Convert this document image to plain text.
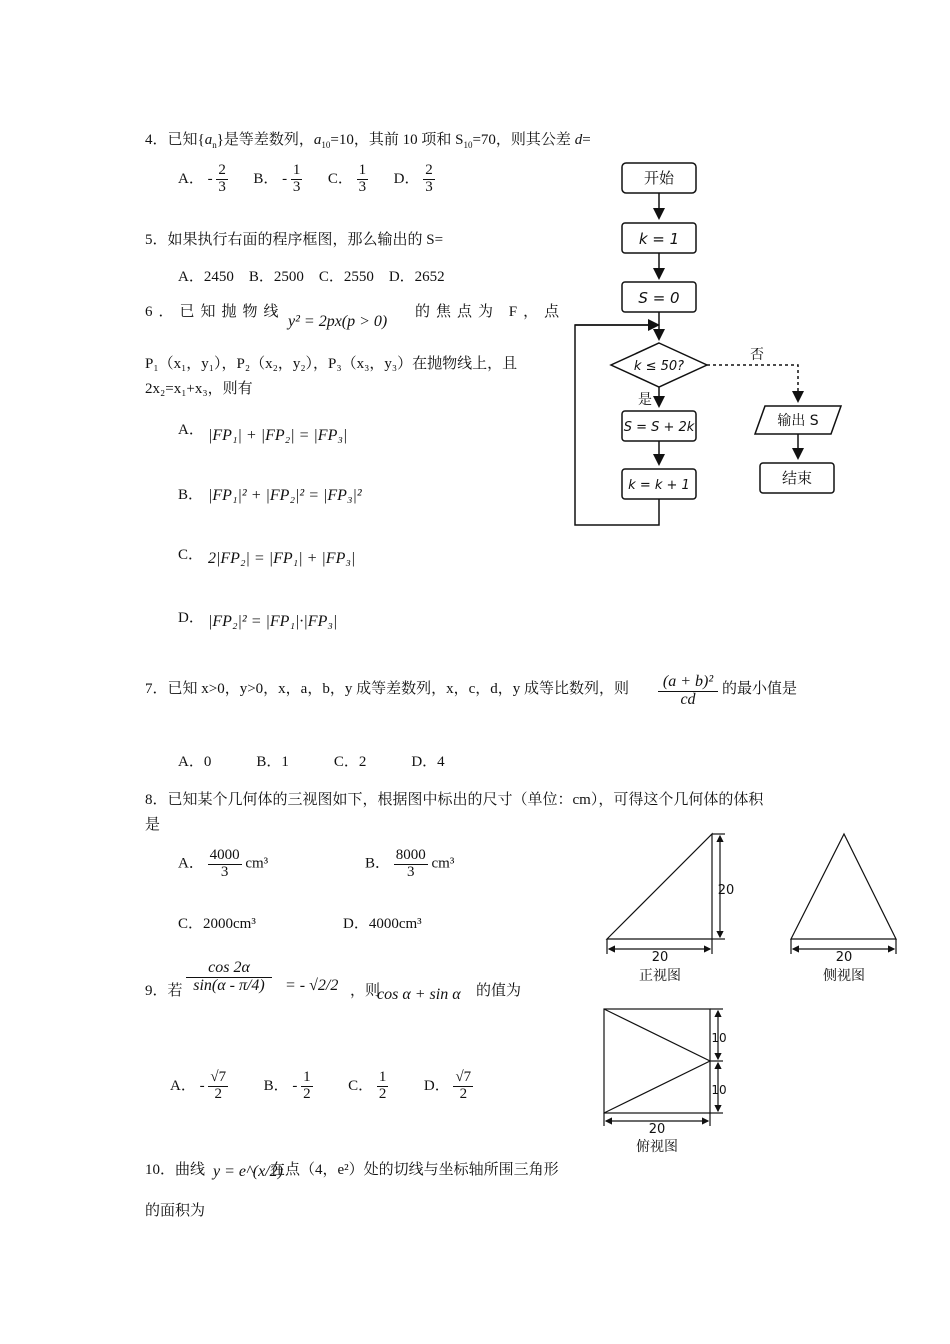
4．已知$\{a_n\}$是等差数列，$a_{10}=10$，其前 10 项和 $S_{10}=70$，则其公差 d=
A． - $\frac{2}{3}$ B． - $\frac{1}{3}$ C． $\frac{1}{3}$ D． $\frac{2}{3}$
5．如果执行右面的程序框图，那么输出的 S=
A．2450　B．2500　C．2550　D．2652
6．已知抛物线
y² = 2px(p > 0)
的焦点为 F，点
P₁（x₁，y₁），P₂（x₂，y₂），P₃（x₃，y₃）在抛物线上，且
2x₂=x₁+x₃，则有
A． |FP₁| + |FP₂| = |FP₃|
B． |FP₁|² + |FP₂|² = |FP₃|²
C． 2|FP₂| = |FP₁| + |FP₃|
D． |FP₂|² = |FP₁|·|FP₃|
7．已知 x>0，y>0，x，a，b，y 成等差数列，x，c，d，y 成等比数列，则 $\frac{\text{(a + b)²}}{cd}$ 的最小值是
A．0　　　B．1　　　C．2　　　D．4
8．已知某个几何体的三视图如下，根据图中标出的尺寸（单位：cm），可得这个几何体的体积
是
A． $\frac{4000}{3} cm^3$	B． $\frac{8000}{3} cm^3$
C．2000cm³	D．4000cm³
9．若 $\frac{\cos 2\alpha}{\sin(\alpha - \pi/4)}$ = - √2/2 ，则
cos α + sin α 的值为
A． - $\frac{√7}{2}$ B． - $\frac{1}{2}$ C． $\frac{1}{2}$ D． $\frac{√7}{2}$
10．曲线 y = e^(x/2)
在点（4，e²）处的切线与坐标轴所围三角形
的面积为
开始
k = 1
S = 0
k ≤ 50?
是
否
S = S + 2k
k = k + 1
输出 S
结束
20
20
正视图
20
侧视图
10
10
20
俯视图
